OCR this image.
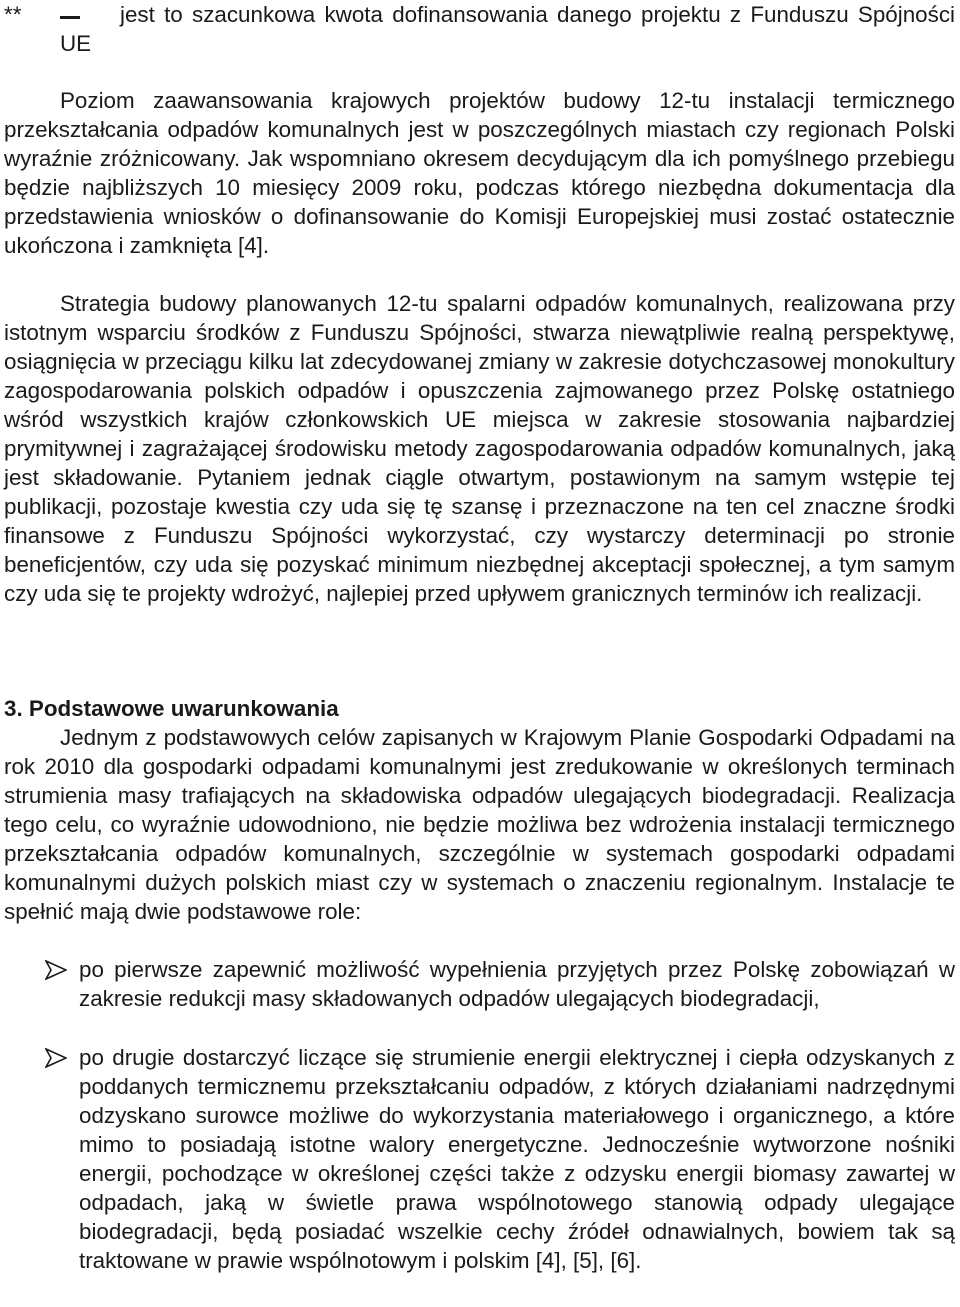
**	jest to szacunkowa kwota dofinansowania danego projektu z Funduszu Spójności UE

Poziom zaawansowania krajowych projektów budowy 12-tu instalacji termicznego przekształcania odpadów komunalnych jest w poszczególnych miastach czy regionach Polski wyraźnie zróżnicowany. Jak wspomniano okresem decydującym dla ich pomyślnego przebiegu będzie najbliższych 10 miesięcy 2009 roku, podczas którego niezbędna dokumentacja dla przedstawienia wniosków o dofinansowanie do Komisji Europejskiej musi zostać ostatecznie ukończona i zamknięta [4].

Strategia budowy planowanych 12-tu spalarni odpadów komunalnych, realizowana przy istotnym wsparciu środków z Funduszu Spójności, stwarza niewątpliwie realną perspektywę, osiągnięcia w przeciągu kilku lat zdecydowanej zmiany w zakresie dotychczasowej monokultury zagospodarowania polskich odpadów i opuszczenia zajmowanego przez Polskę ostatniego wśród wszystkich krajów członkowskich UE miejsca w zakresie stosowania najbardziej prymitywnej i zagrażającej środowisku metody zagospodarowania odpadów komunalnych, jaką jest składowanie. Pytaniem jednak ciągle otwartym, postawionym na samym wstępie tej publikacji, pozostaje kwestia czy uda się tę szansę i przeznaczone na ten cel znaczne środki finansowe z Funduszu Spójności wykorzystać, czy wystarczy determinacji po stronie beneficjentów, czy uda się pozyskać minimum niezbędnej akceptacji społecznej, a tym samym czy uda się te projekty wdrożyć, najlepiej przed upływem granicznych terminów ich realizacji.

3. Podstawowe uwarunkowania

Jednym z podstawowych celów zapisanych w Krajowym Planie Gospodarki Odpadami na rok 2010 dla gospodarki odpadami komunalnymi jest zredukowanie w określonych terminach strumienia masy trafiających na składowiska odpadów ulegających biodegradacji. Realizacja tego celu, co wyraźnie udowodniono, nie będzie możliwa bez wdrożenia instalacji termicznego przekształcania odpadów komunalnych, szczególnie w systemach gospodarki odpadami komunalnymi dużych polskich miast czy w systemach o znaczeniu regionalnym. Instalacje te spełnić mają dwie podstawowe role:

po pierwsze zapewnić możliwość wypełnienia przyjętych przez Polskę zobowiązań w zakresie redukcji masy składowanych odpadów ulegających biodegradacji,

po drugie dostarczyć liczące się strumienie energii elektrycznej i ciepła odzyskanych z poddanych termicznemu przekształcaniu odpadów, z których działaniami nadrzędnymi odzyskano surowce możliwe do wykorzystania materiałowego i organicznego, a które mimo to posiadają istotne walory energetyczne. Jednocześnie wytworzone nośniki energii, pochodzące w określonej części także z odzysku energii biomasy zawartej w odpadach, jaką w świetle prawa wspólnotowego stanowią odpady ulegające biodegradacji, będą posiadać wszelkie cechy źródeł odnawialnych, bowiem tak są traktowane w prawie wspólnotowym i polskim [4], [5], [6].
